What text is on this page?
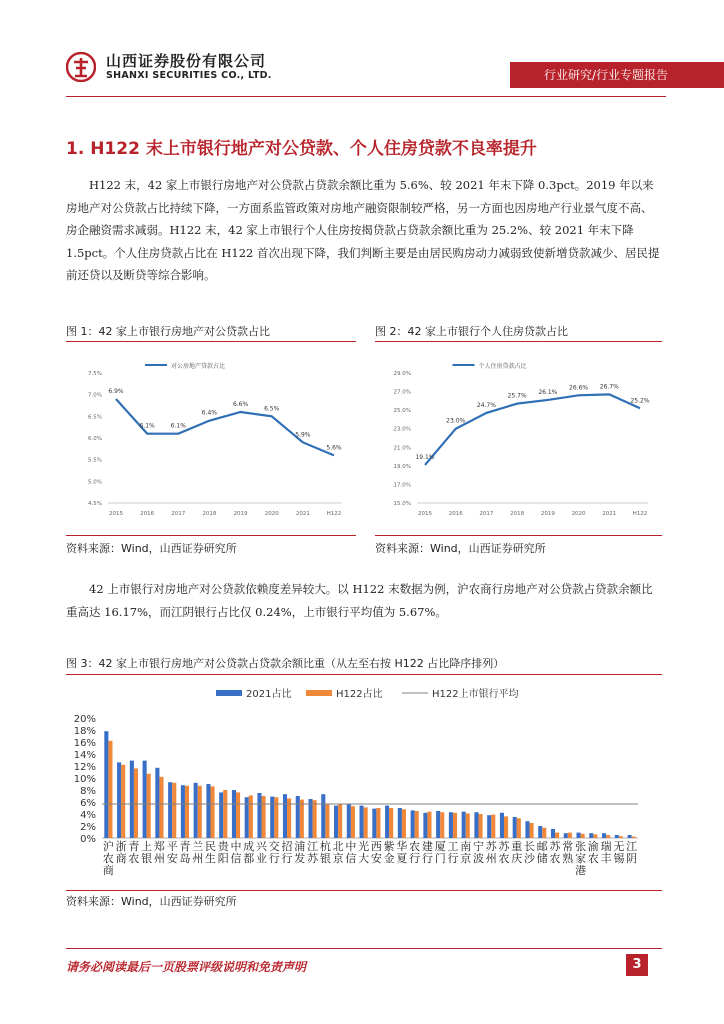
山西证券股份有限公司
SHANXI SECURITIES CO., LTD.	行业研究/行业专题报告
1. H122 末上市银行地产对公贷款、个人住房贷款不良率提升
H122 末，42 家上市银行房地产对公贷款占贷款余额比重为 5.6%、较 2021 年末下降 0.3pct。2019 年以来房地产对公贷款占比持续下降，一方面系监管政策对房地产融资限制较严格，另一方面也因房地产行业景气度不高、房企融资需求减弱。H122 末，42 家上市银行个人住房按揭贷款占贷款余额比重为 25.2%、较 2021 年末下降 1.5pct。个人住房贷款占比在 H122 首次出现下降，我们判断主要是由居民购房动力减弱致使新增贷款减少、居民提前还贷以及断贷等综合影响。
图 1：42 家上市银行房地产对公贷款占比
对公房地产贷款占比
4.5%
5.0%
5.5%
6.0%
6.5%
7.0%
7.5%
2015	2016	2017	2018	2019	2020	2021	H122
6.9%
6.1%	6.1%
6.4%
6.6%
6.5%
5.9%
5.6%
资料来源：Wind，山西证券研究所
图 2：42 家上市银行个人住房贷款占比
个人住房贷款占比
15.0%
17.0%
19.0%
21.0%
23.0%
25.0%
27.0%
29.0%
2015	2016	2017	2018	2019	2020	2021	H122
19.1%
23.0%
24.7%
25.7%
26.1%
26.6% 26.7%
25.2%
资料来源：Wind，山西证券研究所
42 上市银行对房地产对公贷款依赖度差异较大。以 H122 末数据为例，沪农商行房地产对公贷款占贷款余额比重高达 16.17%，而江阴银行占比仅 0.24%，上市银行平均值为 5.67%。
图 3：42 家上市银行房地产对公贷款占贷款余额比重（从左至右按 H122 占比降序排列）
2021占比	H122占比	H122上市银行平均
0%
2%
4%
6%
8%
10%
12%
14%
16%
18%
20%
沪农商
浙商
青农
上银
郑州
平安
青岛
兰州
民生
贵阳
中信
成都
兴业
交行
招行
浦发
江苏
杭银
北京
中信
光大
西安
紫金
华夏
农行
建行
厦门
工行
南京
宁波
苏州
苏农
重庆
长沙
邮储
苏农
常熟
张家港
渝农
瑞丰
无锡
江阴
资料来源：Wind，山西证券研究所
请务必阅读最后一页股票评级说明和免责声明	3
